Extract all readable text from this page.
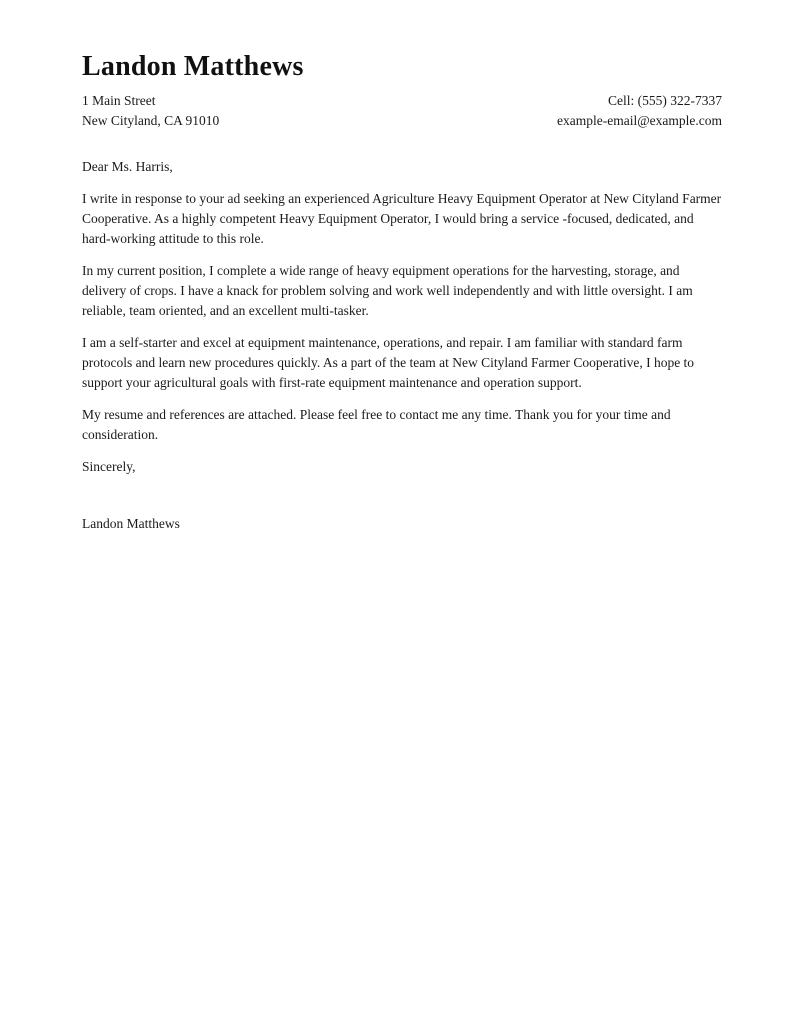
Landon Matthews
1 Main Street
New Cityland, CA 91010
Cell: (555) 322-7337
example-email@example.com

Dear Ms. Harris,

I write in response to your ad seeking an experienced Agriculture Heavy Equipment Operator at New Cityland Farmer Cooperative. As a highly competent Heavy Equipment Operator, I would bring a service -focused, dedicated, and hard-working attitude to this role.

In my current position, I complete a wide range of heavy equipment operations for the harvesting, storage, and delivery of crops. I have a knack for problem solving and work well independently and with little oversight. I am reliable, team oriented, and an excellent multi-tasker.

I am a self-starter and excel at equipment maintenance, operations, and repair. I am familiar with standard farm protocols and learn new procedures quickly. As a part of the team at New Cityland Farmer Cooperative, I hope to support your agricultural goals with first-rate equipment maintenance and operation support.

My resume and references are attached. Please feel free to contact me any time. Thank you for your time and consideration.

Sincerely,

Landon Matthews
